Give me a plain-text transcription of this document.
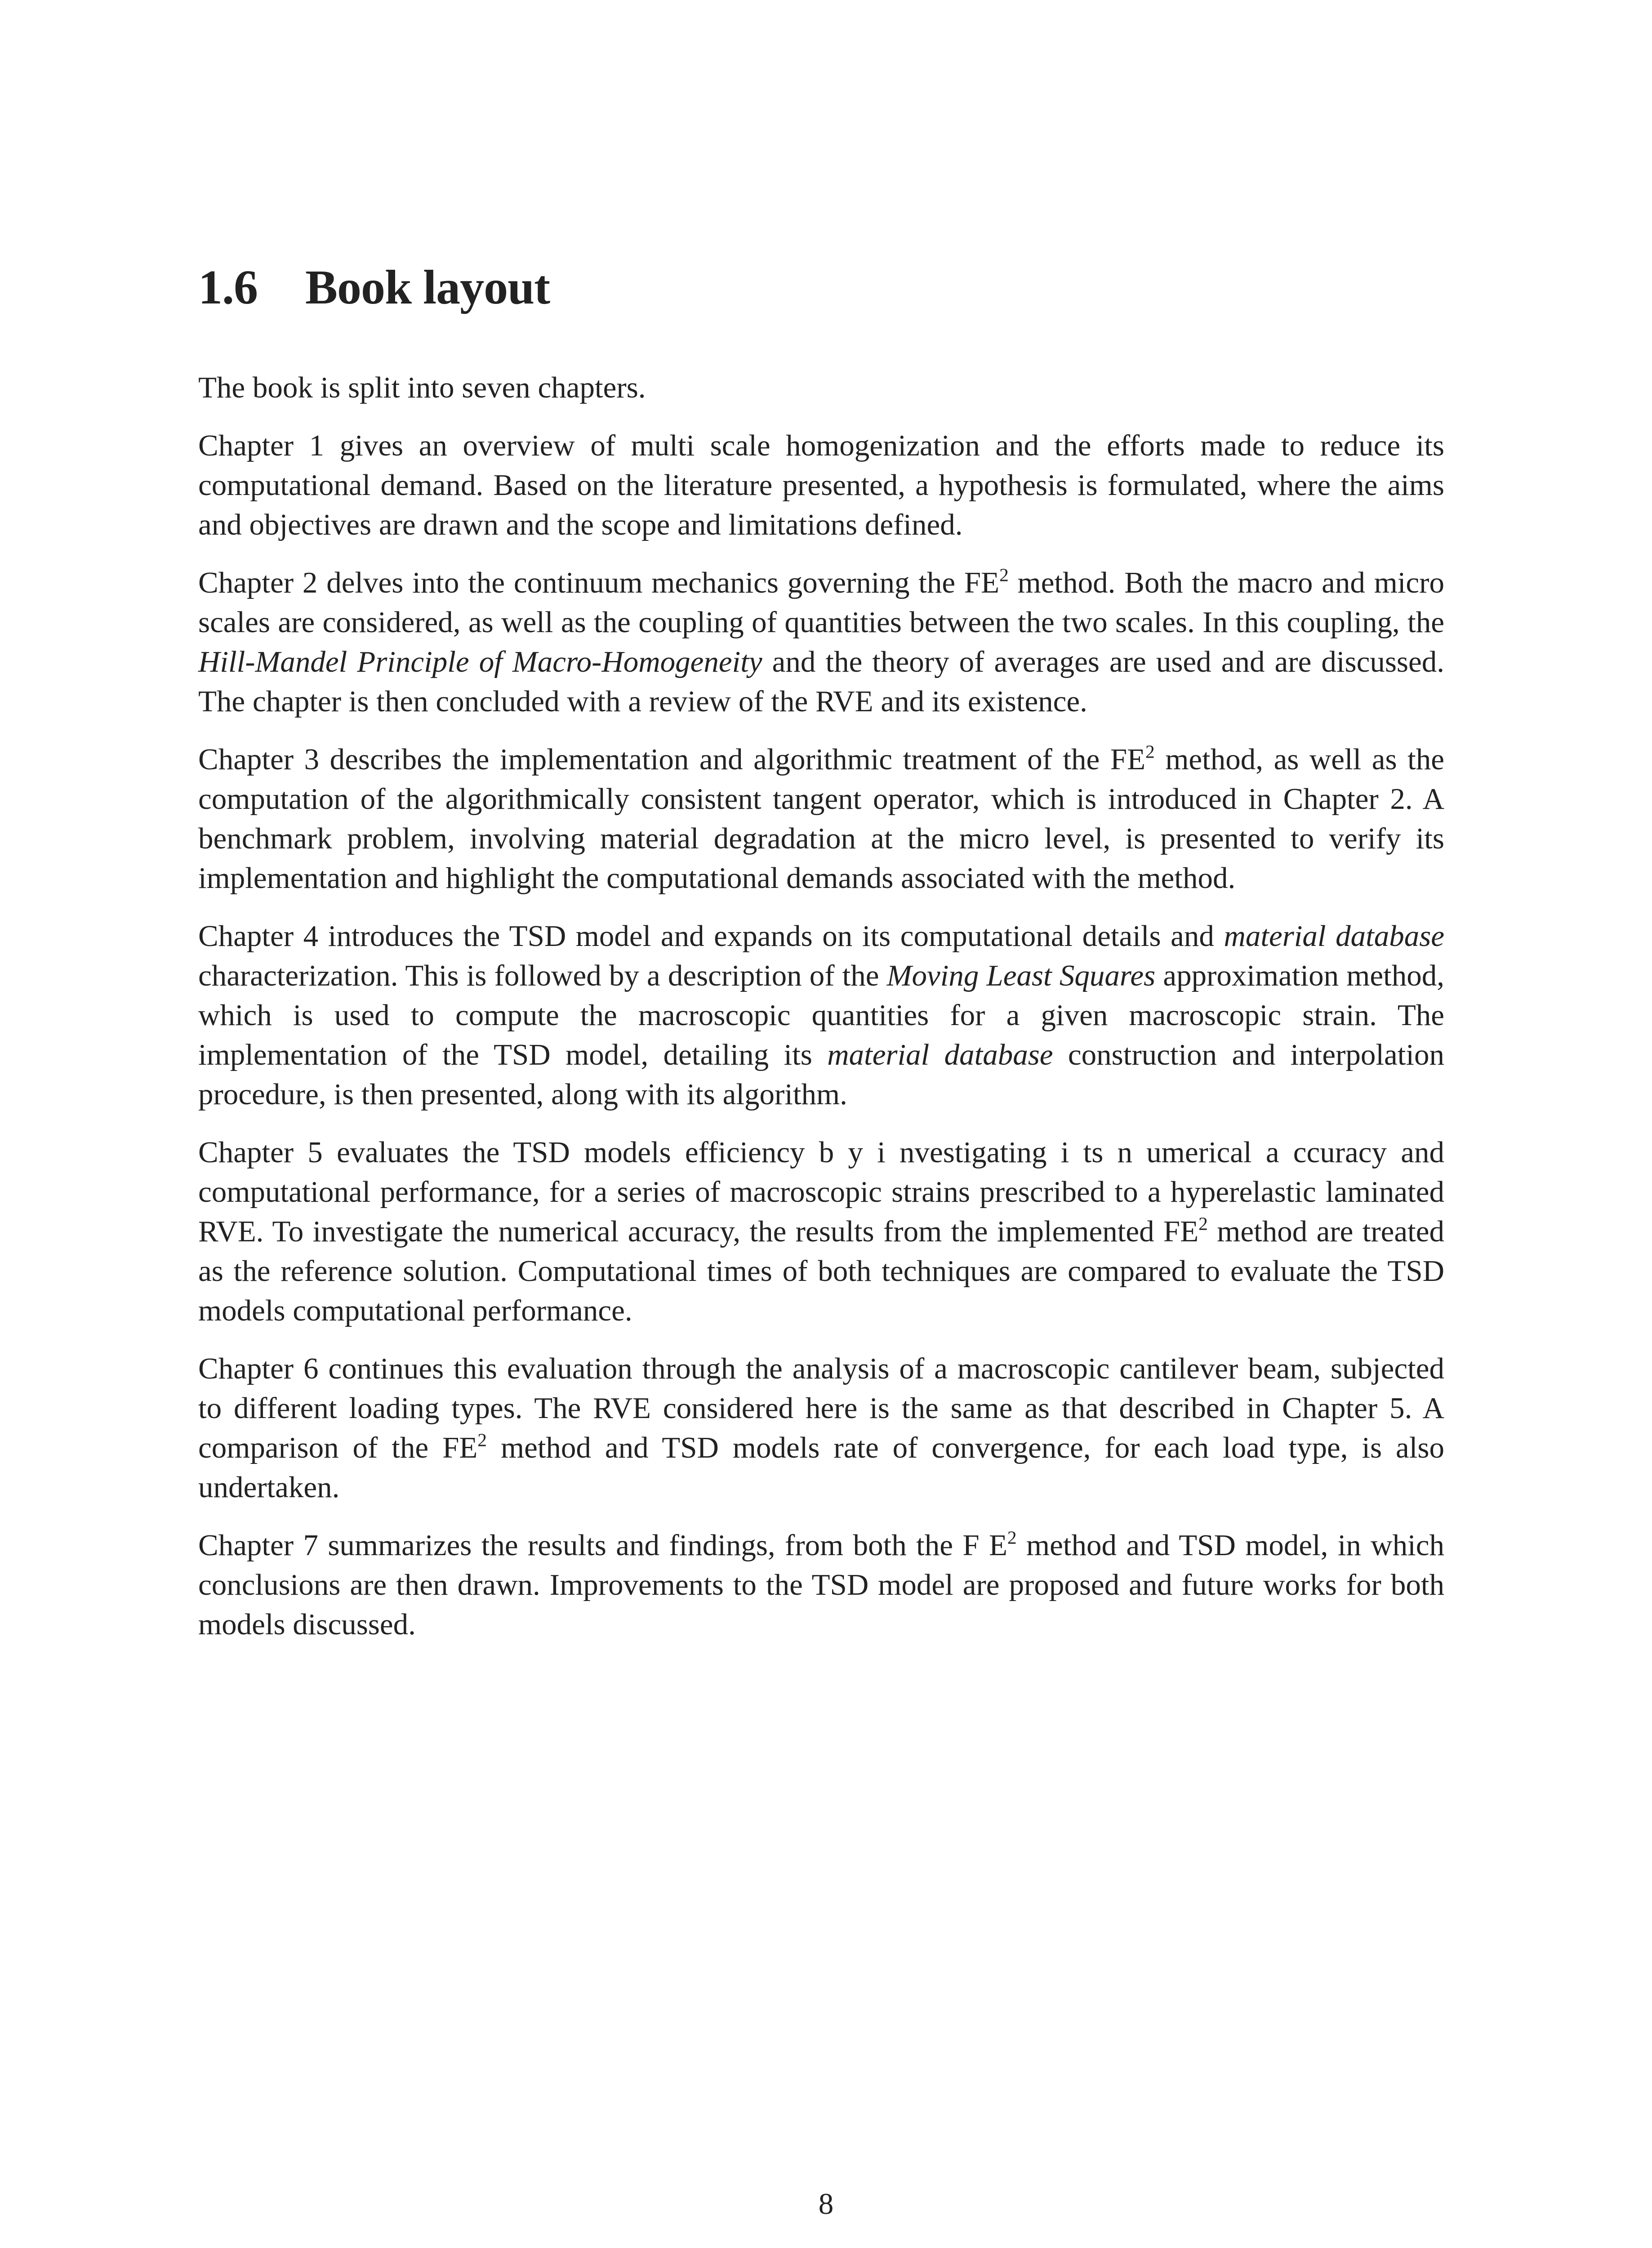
1.6 Book layout

The book is split into seven chapters.

Chapter 1 gives an overview of multi scale homogenization and the efforts made to reduce its computational demand. Based on the literature presented, a hypothesis is formulated, where the aims and objectives are drawn and the scope and limitations defined.

Chapter 2 delves into the continuum mechanics governing the $FE^2$ method. Both the macro and micro scales are considered, as well as the coupling of quantities between the two scales. In this coupling, the Hill-Mandel Principle of Macro-Homogeneity and the theory of averages are used and are discussed. The chapter is then concluded with a review of the RVE and its existence.

Chapter 3 describes the implementation and algorithmic treatment of the $FE^2$ method, as well as the computation of the algorithmically consistent tangent operator, which is introduced in Chapter 2. A benchmark problem, involving material degradation at the micro level, is presented to verify its implementation and highlight the computational demands associated with the method.

Chapter 4 introduces the TSD model and expands on its computational details and material database characterization. This is followed by a description of the Moving Least Squares approximation method, which is used to compute the macroscopic quantities for a given macroscopic strain. The implementation of the TSD model, detailing its material database construction and interpolation procedure, is then presented, along with its algorithm.

Chapter 5 evaluates the TSD models efficiency b y i nvestigating i ts n umerical a ccuracy and computational performance, for a series of macroscopic strains prescribed to a hyperelastic laminated RVE. To investigate the numerical accuracy, the results from the implemented $FE^2$ method are treated as the reference solution. Computational times of both techniques are compared to evaluate the TSD models computational performance.

Chapter 6 continues this evaluation through the analysis of a macroscopic cantilever beam, subjected to different loading types. The RVE considered here is the same as that described in Chapter 5. A comparison of the $FE^2$ method and TSD models rate of convergence, for each load type, is also undertaken.

Chapter 7 summarizes the results and findings, from both the F $E^2$ method and TSD model, in which conclusions are then drawn. Improvements to the TSD model are proposed and future works for both models discussed.

8
